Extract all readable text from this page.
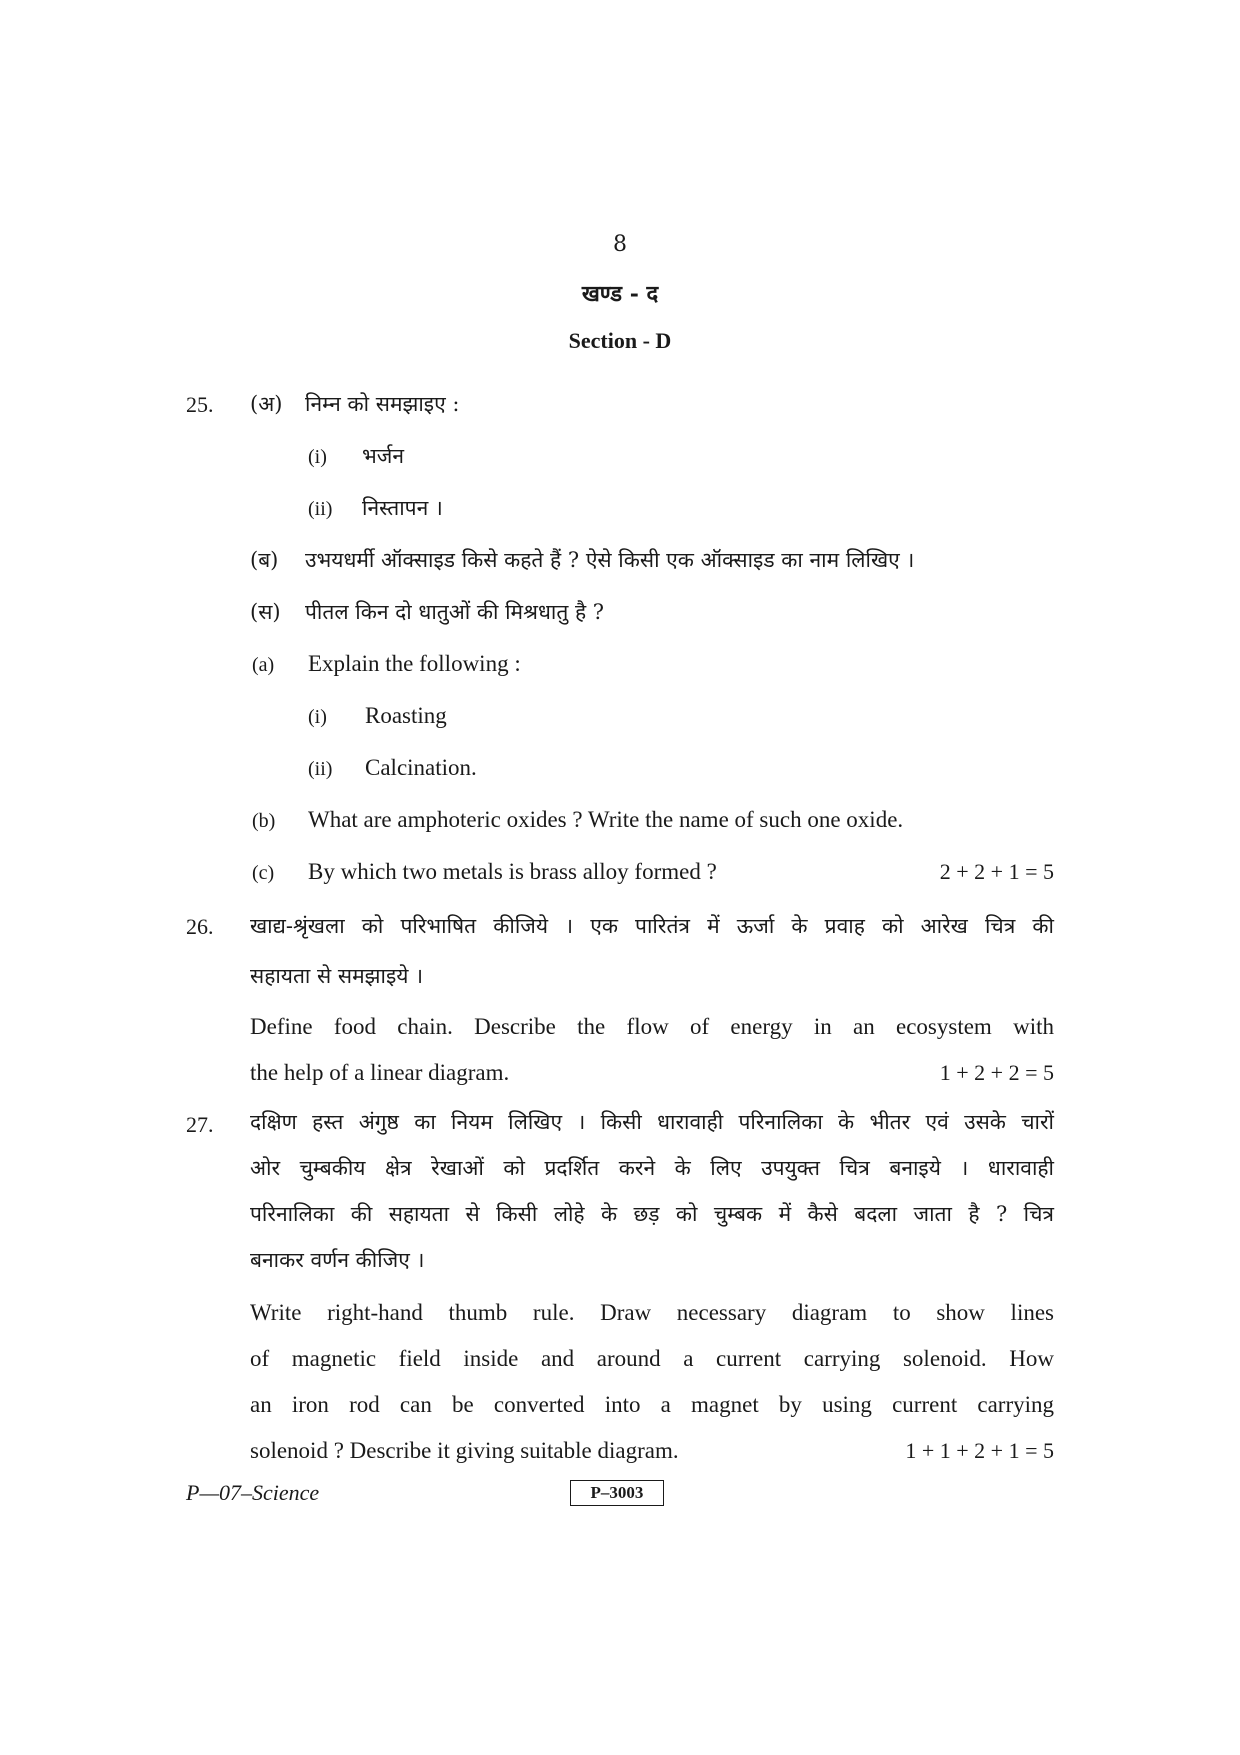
8
खण्ड - द
Section - D
25. (अ) निम्न को समझाइए :
(i) भर्जन
(ii) निस्तापन ।
(ब) उभयधर्मी ऑक्साइड किसे कहते हैं ? ऐसे किसी एक ऑक्साइड का नाम लिखिए ।
(स) पीतल किन दो धातुओं की मिश्रधातु है ?
(a) Explain the following :
(i) Roasting
(ii) Calcination.
(b) What are amphoteric oxides ? Write the name of such one oxide.
(c) By which two metals is brass alloy formed ?	2 + 2 + 1 = 5
26. खाद्य-श्रृंखला को परिभाषित कीजिये । एक पारितंत्र में ऊर्जा के प्रवाह को आरेख चित्र की
सहायता से समझाइये ।
Define food chain. Describe the flow of energy in an ecosystem with
the help of a linear diagram.	1 + 2 + 2 = 5
27. दक्षिण हस्त अंगुष्ठ का नियम लिखिए । किसी धारावाही परिनालिका के भीतर एवं उसके चारों
ओर चुम्बकीय क्षेत्र रेखाओं को प्रदर्शित करने के लिए उपयुक्त चित्र बनाइये । धारावाही
परिनालिका की सहायता से किसी लोहे के छड़ को चुम्बक में कैसे बदला जाता है ? चित्र
बनाकर वर्णन कीजिए ।
Write right-hand thumb rule. Draw necessary diagram to show lines
of magnetic field inside and around a current carrying solenoid. How
an iron rod can be converted into a magnet by using current carrying
solenoid ? Describe it giving suitable diagram.	1 + 1 + 2 + 1 = 5
P—07–Science	P–3003
